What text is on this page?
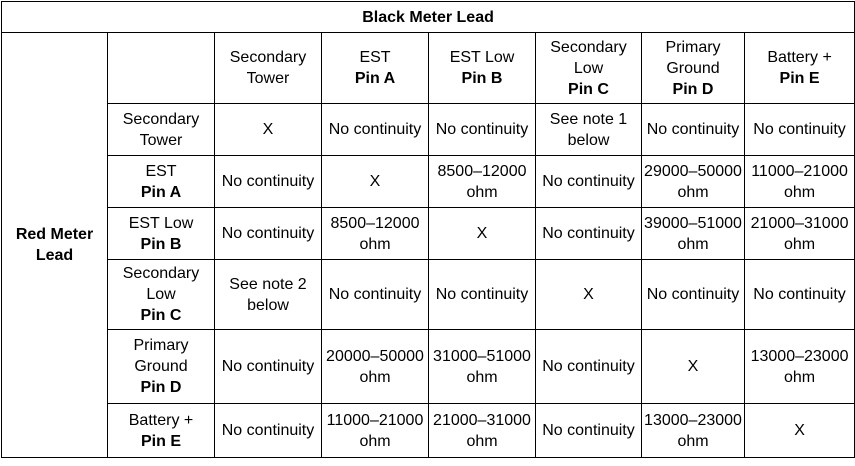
Black Meter Lead							
Red Meter Lead		Secondary Tower	EST
Pin A	EST Low
Pin B	Secondary Low
Pin C	Primary Ground
Pin D	Battery +
Pin E

	Secondary Tower	X	No continuity	No continuity	See note 1 below	No continuity	No continuity

	EST
Pin A	No continuity	X	8500–12000 ohm	No continuity	29000–50000 ohm	11000–21000 ohm

	EST Low
Pin B	No continuity	8500–12000 ohm	X	No continuity	39000–51000 ohm	21000–31000 ohm

	Secondary Low
Pin C	See note 2 below	No continuity	No continuity	X	No continuity	No continuity

	Primary Ground
Pin D	No continuity	20000–50000 ohm	31000–51000 ohm	No continuity	X	13000–23000 ohm

	Battery +
Pin E	No continuity	11000–21000 ohm	21000–31000 ohm	No continuity	13000–23000 ohm	X
